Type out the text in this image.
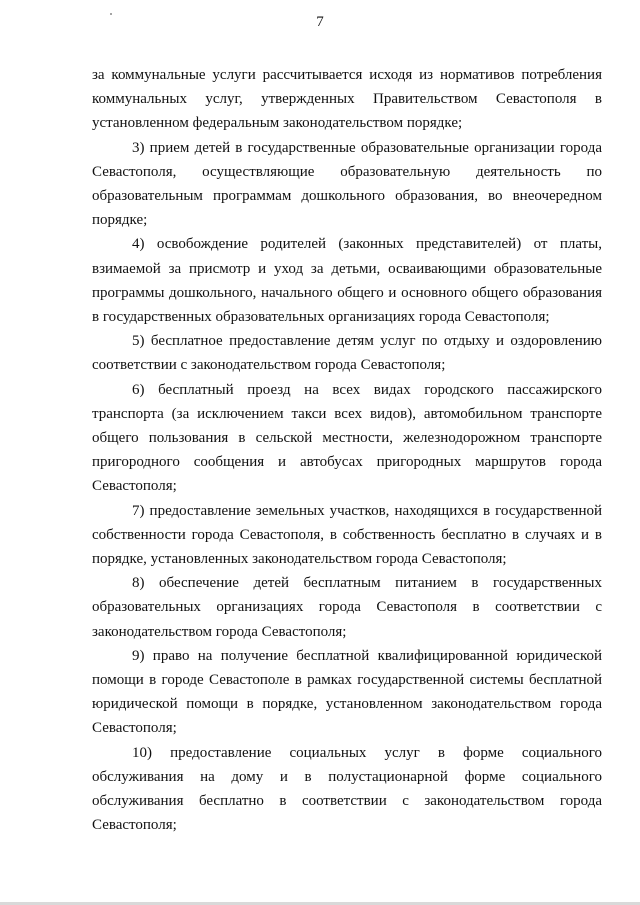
7

за коммунальные услуги рассчитывается исходя из нормативов потребления коммунальных услуг, утвержденных Правительством Севастополя в установленном федеральным законодательством порядке;

3) прием детей в государственные образовательные организации города Севастополя, осуществляющие образовательную деятельность по образовательным программам дошкольного образования, во внеочередном порядке;

4) освобождение родителей (законных представителей) от платы, взимаемой за присмотр и уход за детьми, осваивающими образовательные программы дошкольного, начального общего и основного общего образования в государственных образовательных организациях города Севастополя;

5) бесплатное предоставление детям услуг по отдыху и оздоровлению соответствии с законодательством города Севастополя;

6) бесплатный проезд на всех видах городского пассажирского транспорта (за исключением такси всех видов), автомобильном транспорте общего пользования в сельской местности, железнодорожном транспорте пригородного сообщения и автобусах пригородных маршрутов города Севастополя;

7) предоставление земельных участков, находящихся в государственной собственности города Севастополя, в собственность бесплатно в случаях и в порядке, установленных законодательством города Севастополя;

8) обеспечение детей бесплатным питанием в государственных образовательных организациях города Севастополя в соответствии с законодательством города Севастополя;

9) право на получение бесплатной квалифицированной юридической помощи в городе Севастополе в рамках государственной системы бесплатной юридической помощи в порядке, установленном законодательством города Севастополя;

10) предоставление социальных услуг в форме социального обслуживания на дому и в полустационарной форме социального обслуживания бесплатно в соответствии с законодательством города Севастополя;
